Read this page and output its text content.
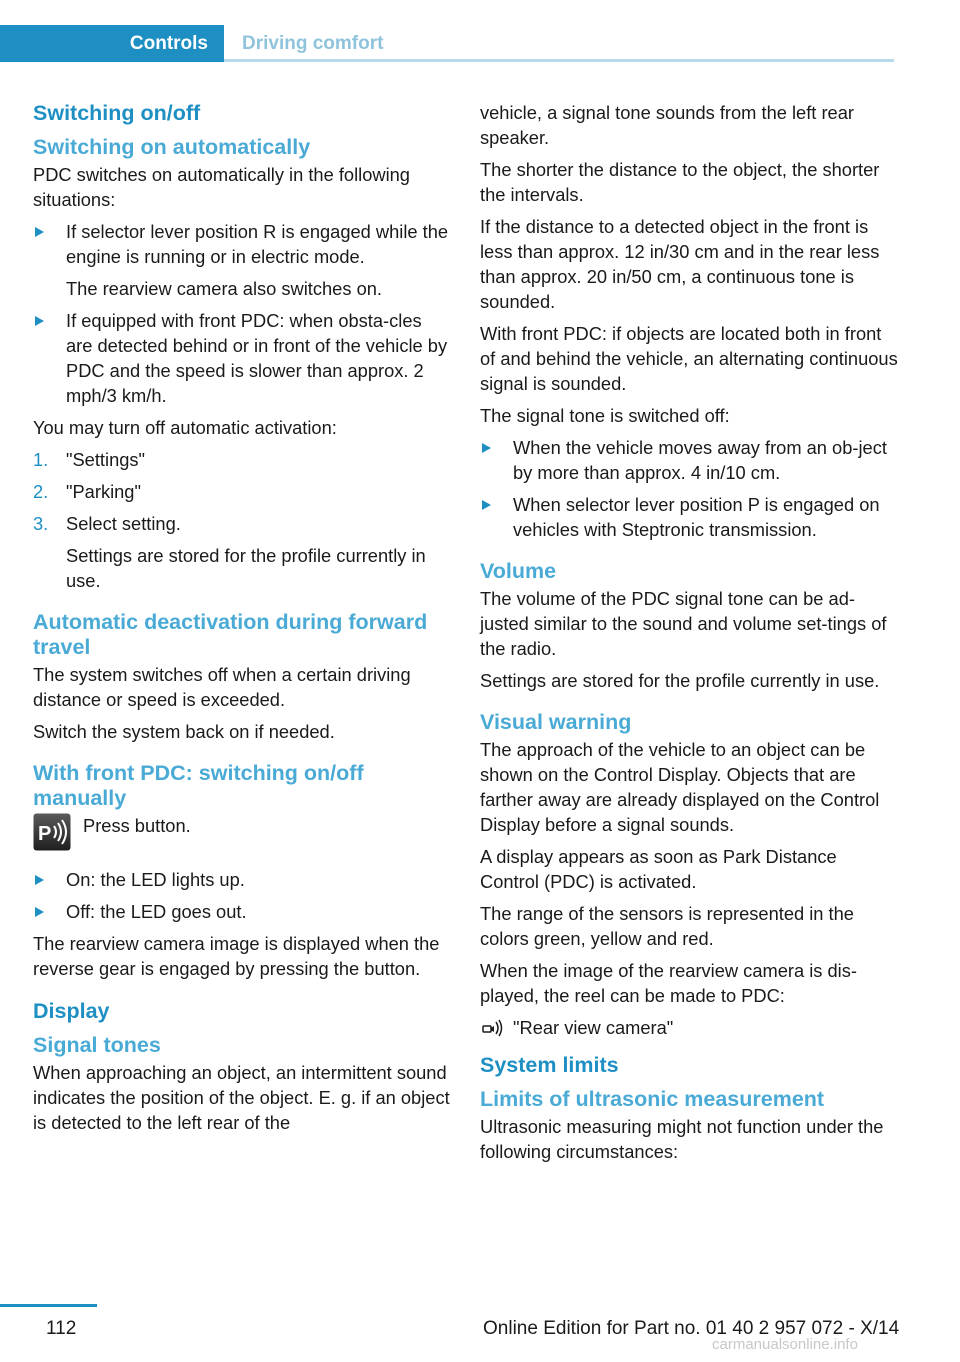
Controls	Driving comfort
Switching on/off
Switching on automatically

PDC switches on automatically in the following situations:

If selector lever position R is engaged while the engine is running or in electric mode.
The rearview camera also switches on.
If equipped with front PDC: when obsta‐cles are detected behind or in front of the vehicle by PDC and the speed is slower than approx. 2 mph/3 km/h.

You may turn off automatic activation:

1. "Settings"
2. "Parking"
3. Select setting.
Settings are stored for the profile currently in use.
Automatic deactivation during forward travel

The system switches off when a certain driving distance or speed is exceeded.

Switch the system back on if needed.

With front PDC: switching on/off manually
P Press button.
On: the LED lights up.
Off: the LED goes out.

The rearview camera image is displayed when the reverse gear is engaged by pressing the button.

Display
Signal tones

When approaching an object, an intermittent sound indicates the position of the object. E. g. if an object is detected to the left rear of the

vehicle, a signal tone sounds from the left rear speaker.

The shorter the distance to the object, the shorter the intervals.

If the distance to a detected object in the front is less than approx. 12 in/30 cm and in the rear less than approx. 20 in/50 cm, a continuous tone is sounded.

With front PDC: if objects are located both in front of and behind the vehicle, an alternating continuous signal is sounded.

The signal tone is switched off:

When the vehicle moves away from an ob‐ject by more than approx. 4 in/10 cm.
When selector lever position P is engaged on vehicles with Steptronic transmission.
Volume

The volume of the PDC signal tone can be ad‐justed similar to the sound and volume set‐tings of the radio.

Settings are stored for the profile currently in use.

Visual warning

The approach of the vehicle to an object can be shown on the Control Display. Objects that are farther away are already displayed on the Control Display before a signal sounds.

A display appears as soon as Park Distance Control (PDC) is activated.

The range of the sensors is represented in the colors green, yellow and red.

When the image of the rearview camera is dis‐played, the reel can be made to PDC:

"Rear view camera"
System limits
Limits of ultrasonic measurement

Ultrasonic measuring might not function under the following circumstances:

112	Online Edition for Part no. 01 40 2 957 072 - X/14
carmanualsonline.info
